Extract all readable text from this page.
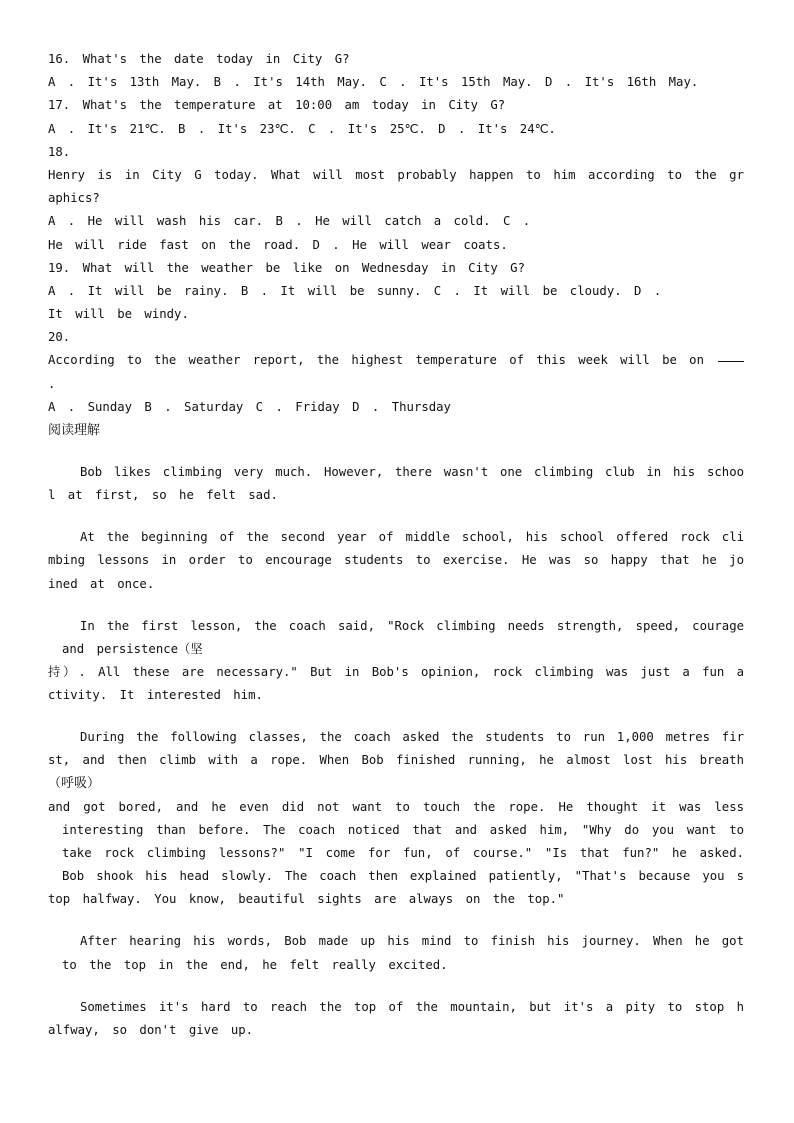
16. What's the date today in City G?
A . It's 13th May. B . It's 14th May. C . It's 15th May. D . It's 16th May.
17. What's the temperature at 10:00 am today in City G?
A . It's 21℃. B . It's 23℃. C . It's 25℃. D . It's 24℃.
18.
Henry is in City G today. What will most probably happen to him according to the gr
aphics?
A . He will wash his car. B . He will catch a cold. C .
He will ride fast on the road. D . He will wear coats.
19. What will the weather be like on Wednesday in City G?
A . It will be rainy. B . It will be sunny. C . It will be cloudy. D .
It will be windy.
20.
According to the weather report, the highest temperature of this week will be on
.
A . Sunday B . Saturday C . Friday D . Thursday
阅读理解
Bob likes climbing very much. However, there wasn't one climbing club in his schoo
l at first, so he felt sad.
At the beginning of the second year of middle school, his school offered rock cli
mbing lessons in order to encourage students to exercise. He was so happy that he jo
ined at once.
In the first lesson, the coach said, "Rock climbing needs strength, speed, courage
and persistence（坚
持）. All these are necessary." But in Bob's opinion, rock climbing was just a fun a
ctivity. It interested him.
During the following classes, the coach asked the students to run 1,000 metres fir
st, and then climb with a rope. When Bob finished running, he almost lost his breath
（呼吸）
and got bored, and he even did not want to touch the rope. He thought it was less
interesting than before. The coach noticed that and asked him, "Why do you want to
take rock climbing lessons?" "I come for fun, of course." "Is that fun?" he asked.
Bob shook his head slowly. The coach then explained patiently, "That's because you s
top halfway. You know, beautiful sights are always on the top."
After hearing his words, Bob made up his mind to finish his journey. When he got
to the top in the end, he felt really excited.
Sometimes it's hard to reach the top of the mountain, but it's a pity to stop h
alfway, so don't give up.
